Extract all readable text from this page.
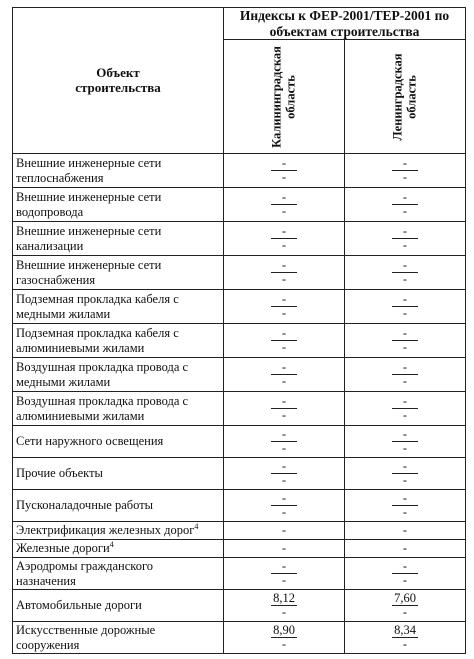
Объект
строительства	Индексы к ФЕР-2001/ТЕР-2001 по
объектам строительства	

	Калининградская область	Ленинградская область

Внешние инженерные сети
теплоснабжения	$\frac{-}{-}$	$\frac{-}{-}$

Внешние инженерные сети
водопровода	$\frac{-}{-}$	$\frac{-}{-}$

Внешние инженерные сети
канализации	$\frac{-}{-}$	$\frac{-}{-}$

Внешние инженерные сети
газоснабжения	$\frac{-}{-}$	$\frac{-}{-}$

Подземная прокладка кабеля с
медными жилами	$\frac{-}{-}$	$\frac{-}{-}$

Подземная прокладка кабеля с
алюминиевыми жилами	$\frac{-}{-}$	$\frac{-}{-}$

Воздушная прокладка провода с
медными жилами	$\frac{-}{-}$	$\frac{-}{-}$

Воздушная прокладка провода с
алюминиевыми жилами	$\frac{-}{-}$	$\frac{-}{-}$

Сети наружного освещения	$\frac{-}{-}$	$\frac{-}{-}$

Прочие объекты	$\frac{-}{-}$	$\frac{-}{-}$

Пусконаладочные работы	$\frac{-}{-}$	$\frac{-}{-}$

Электрификация железных дорог$^4$	-	-

Железные дороги$^4$	-	-

Аэродромы гражданского
назначения	$\frac{-}{-}$	$\frac{-}{-}$

Автомобильные дороги	$\frac{8,12}{-}$	$\frac{7,60}{-}$

Искусственные дорожные
сооружения	$\frac{8,90}{-}$	$\frac{8,34}{-}$
